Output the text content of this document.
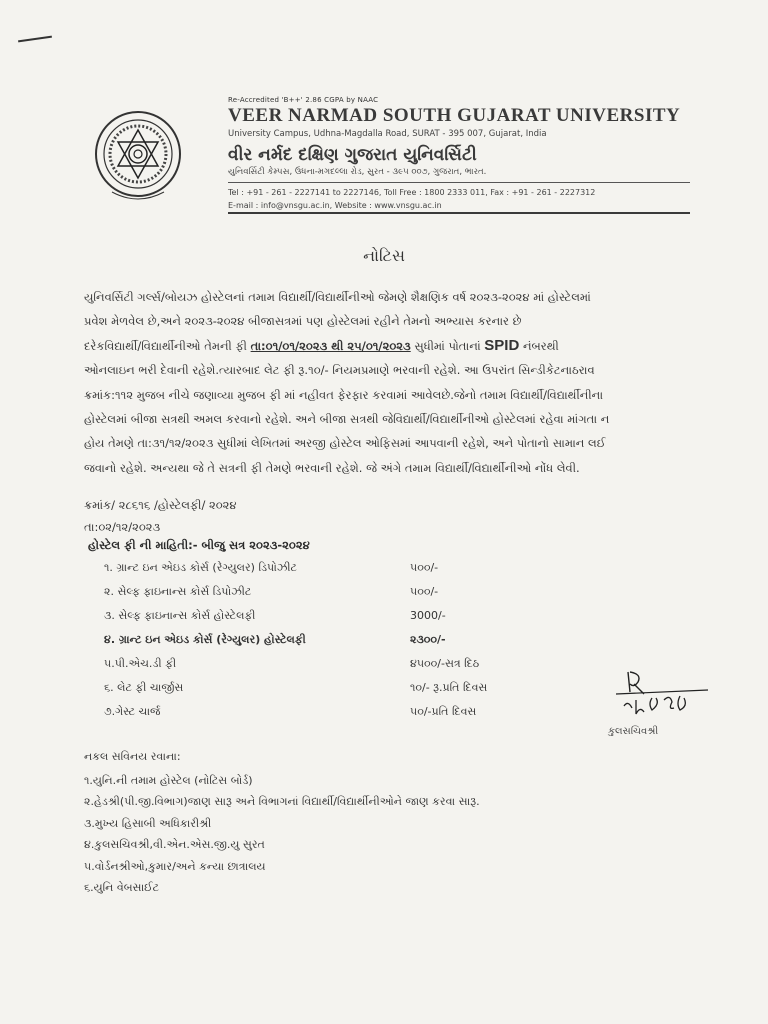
Re-Accredited 'B++' 2.86 CGPA by NAAC
VEER NARMAD SOUTH GUJARAT UNIVERSITY
University Campus, Udhna-Magdalla Road, SURAT - 395 007, Gujarat, India
વીર નર્મદ દક્ષિણ ગુજરાત યુનિવર્સિટી
યુનિવર્સિટી કેમ્પસ, ઉધના-મગદલ્લા રોડ, સુરત - ૩૯૫ ૦૦૭, ગુજરાત, ભારત.
Tel : +91 - 261 - 2227141 to 2227146, Toll Free : 1800 2333 011, Fax : +91 - 261 - 2227312
E-mail : info@vnsgu.ac.in, Website : www.vnsgu.ac.in
નોટિસ

યુનિવર્સિટી ગર્લ્સ/બોયઝ હોસ્ટેલનાં તમામ વિદ્યાર્થી/વિદ્યાર્થીનીઓ જેમણે શૈક્ષણિક વર્ષ ૨૦૨૩-૨૦૨૪ માં હોસ્ટેલમાં

પ્રવેશ મેળવેલ છે,અને ૨૦૨૩-૨૦૨૪ બીજાસત્રમાં પણ હોસ્ટેલમાં રહીને તેમનો અભ્યાસ કરનાર છે

દરેકવિદ્યાર્થી/વિદ્યાર્થીનીઓ તેમની ફી તા:૦૧/૦૧/૨૦૨૩ થી ૨૫/૦૧/૨૦૨૩ સુધીમાં પોતાનાં SPID નંબરથી

ઓનલાઇન ભરી દેવાની રહેશે.ત્યારબાદ લેટ ફી રૂ.૧૦/- નિયમપ્રમાણે ભરવાની રહેશે. આ ઉપરાંત સિન્ડીકેટનાઠરાવ

ક્રમાંક:૧૧૨ મુજબ નીચે જણાવ્યા મુજબ ફી માં નહીવત ફેરફાર કરવામાં આવેલછે.જેનો તમામ વિદ્યાર્થી/વિદ્યાર્થીનીના

હોસ્ટેલમાં બીજા સત્રથી અમલ કરવાનો રહેશે. અને બીજા સત્રથી જેવિદ્યાર્થી/વિદ્યાર્થીનીઓ હોસ્ટેલમાં રહેવા માંગતા ન

હોય તેમણે તા:૩૧/૧૨/૨૦૨૩ સુધીમાં લેખિતમાં અરજી હોસ્ટેલ ઓફિસમાં આપવાની રહેશે, અને પોતાનો સામાન લઈ

જવાનો રહેશે. અન્યથા જે તે સત્રની ફી તેમણે ભરવાની રહેશે. જે અંગે તમામ વિદ્યાર્થી/વિદ્યાર્થીનીઓ નોંધ લેવી.

ક્રમાંક/ ૨૮૬૧૬ /હોસ્ટેલફી/ ૨૦૨૪
તા:૦૨/૧૨/૨૦૨૩
હોસ્ટેલ ફી ની માહિતી:- બીજુ સત્ર ૨૦૨૩-૨૦૨૪
૧. ગ્રાન્ટ ઇન એઇડ કોર્સ (રેગ્યુલર) ડિપોઝીટ	૫૦૦/-
૨. સેલ્ફ ફાઇનાન્સ કોર્સ ડિપોઝીટ	૫૦૦/-
૩. સેલ્ફ ફાઇનાન્સ કોર્સ હોસ્ટેલફી	3000/-
૪. ગ્રાન્ટ ઇન એઇડ કોર્સ (રેગ્યુલર) હોસ્ટેલફી	૨૩૦૦/-
૫.પી.એચ.ડી ફી	૪૫૦૦/-સત્ર દિઠ
૬. લેટ ફી ચાર્જીસ	૧૦/- રૂ.પ્રતિ દિવસ
૭.ગેસ્ટ ચાર્જ	૫૦/-પ્રતિ દિવસ
કુલસચિવશ્રી
નકલ સવિનય રવાના:
૧.યુનિ.ની તમામ હોસ્ટેલ (નોટિસ બોર્ડ)
૨.હેડશ્રી(પી.જી.વિભાગ)જાણ સારૂ અને વિભાગનાં વિદ્યાર્થી/વિદ્યાર્થીનીઓને જાણ કરવા સારૂ.
૩.મુખ્ય હિસાબી અધિકારીશ્રી
૪.કુલસચિવશ્રી,વી.એન.એસ.જી.યુ સુરત
૫.વોર્ડનશ્રીઓ,કુમાર/અને કન્યા છાત્રાલય
૬.યુનિ વેબસાઈટ
